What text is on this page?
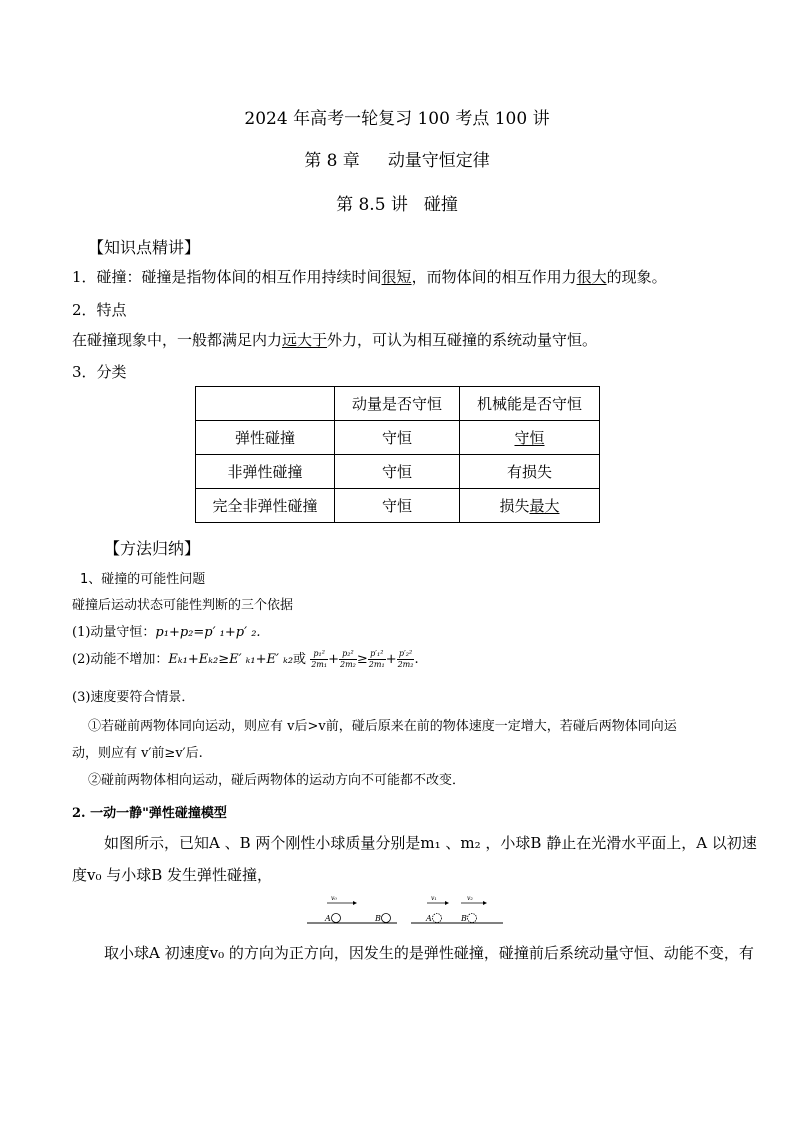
2024 年高考一轮复习 100 考点 100 讲
第 8 章 动量守恒定律
第 8.5 讲 碰撞
【知识点精讲】
1．碰撞：碰撞是指物体间的相互作用持续时间很短，而物体间的相互作用力很大的现象。
2．特点
在碰撞现象中，一般都满足内力远大于外力，可认为相互碰撞的系统动量守恒。
3．分类
	动量是否守恒	机械能是否守恒
弹性碰撞	守恒	守恒
非弹性碰撞	守恒	有损失
完全非弹性碰撞	守恒	损失最大
【方法归纳】
1、碰撞的可能性问题
碰撞后运动状态可能性判断的三个依据
(1)动量守恒：p₁+p₂=p′ ₁+p′ ₂.
(2)动能不增加：Eₖ₁+Eₖ₂≥E′ ₖ₁+E′ ₖ₂或 $\frac{\text{p₁²}}{\text{2m₁}} + \frac{\text{p₂²}}{\text{2m₂}} \ge \frac{\text{p′₁²}}{\text{2m₁}} + \frac{\text{p′₂²}}{\text{2m₂}}$ .
(3)速度要符合情景．
①若碰前两物体同向运动，则应有 v后>v前，碰后原来在前的物体速度一定增大，若碰后两物体同向运
动，则应有 v′前≥v′后.
②碰前两物体相向运动，碰后两物体的运动方向不可能都不改变．
2. 一动一静"弹性碰撞模型
如图所示，已知A 、B 两个刚性小球质量分别是m₁ 、m₂ ，小球B 静止在光滑水平面上，A 以初速
度v₀ 与小球B 发生弹性碰撞，
v₀
A	B
v₁	v₂
A	B
取小球A 初速度v₀ 的方向为正方向，因发生的是弹性碰撞，碰撞前后系统动量守恒、动能不变，有
